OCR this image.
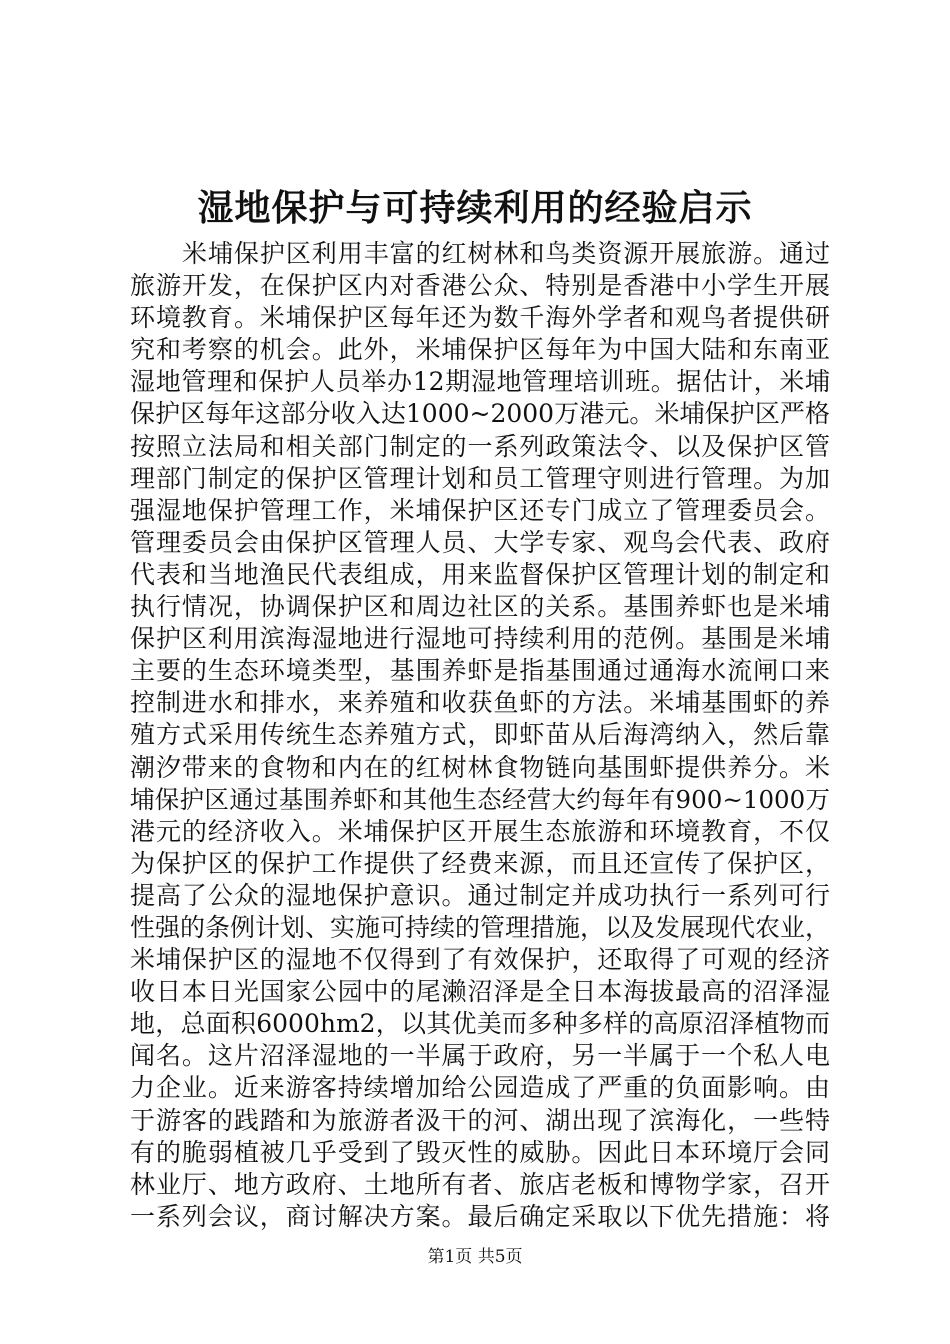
湿地保护与可持续利用的经验启示
米埔保护区利用丰富的红树林和鸟类资源开展旅游。通过
旅游开发，在保护区内对香港公众、特别是香港中小学生开展
环境教育。米埔保护区每年还为数千海外学者和观鸟者提供研
究和考察的机会。此外，米埔保护区每年为中国大陆和东南亚
湿地管理和保护人员举办12期湿地管理培训班。据估计，米埔
保护区每年这部分收入达1000~2000万港元。米埔保护区严格
按照立法局和相关部门制定的一系列政策法令、以及保护区管
理部门制定的保护区管理计划和员工管理守则进行管理。为加
强湿地保护管理工作，米埔保护区还专门成立了管理委员会。
管理委员会由保护区管理人员、大学专家、观鸟会代表、政府
代表和当地渔民代表组成，用来监督保护区管理计划的制定和
执行情况，协调保护区和周边社区的关系。基围养虾也是米埔
保护区利用滨海湿地进行湿地可持续利用的范例。基围是米埔
主要的生态环境类型，基围养虾是指基围通过通海水流闸口来
控制进水和排水，来养殖和收获鱼虾的方法。米埔基围虾的养
殖方式采用传统生态养殖方式，即虾苗从后海湾纳入，然后靠
潮汐带来的食物和内在的红树林食物链向基围虾提供养分。米
埔保护区通过基围养虾和其他生态经营大约每年有900~1000万
港元的经济收入。米埔保护区开展生态旅游和环境教育，不仅
为保护区的保护工作提供了经费来源，而且还宣传了保护区，
提高了公众的湿地保护意识。通过制定并成功执行一系列可行
性强的条例计划、实施可持续的管理措施，以及发展现代农业，
米埔保护区的湿地不仅得到了有效保护，还取得了可观的经济
收日本日光国家公园中的尾濑沼泽是全日本海拔最高的沼泽湿
地，总面积6000hm2，以其优美而多种多样的高原沼泽植物而
闻名。这片沼泽湿地的一半属于政府，另一半属于一个私人电
力企业。近来游客持续增加给公园造成了严重的负面影响。由
于游客的践踏和为旅游者汲干的河、湖出现了滨海化，一些特
有的脆弱植被几乎受到了毁灭性的威胁。因此日本环境厅会同
林业厅、地方政府、土地所有者、旅店老板和博物学家，召开
一系列会议，商讨解决方案。最后确定采取以下优先措施：将
第1页 共5页
